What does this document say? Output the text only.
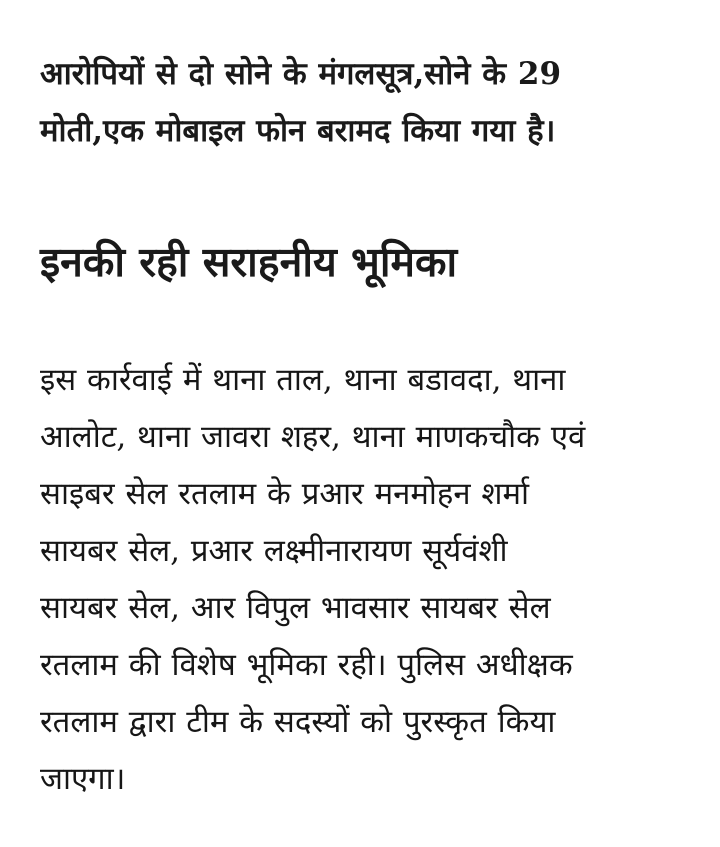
आरोपियों से दो सोने के मंगलसूत्र,सोने के 29
मोती,एक मोबाइल फोन बरामद किया गया है।

इनकी रही सराहनीय भूमिका

इस कार्रवाई में थाना ताल, थाना बडावदा, थाना
आलोट, थाना जावरा शहर, थाना माणकचौक एवं
साइबर सेल रतलाम के प्रआर मनमोहन शर्मा
सायबर सेल, प्रआर लक्ष्मीनारायण सूर्यवंशी
सायबर सेल, आर विपुल भावसार सायबर सेल
रतलाम की विशेष भूमिका रही। पुलिस अधीक्षक
रतलाम द्वारा टीम के सदस्यों को पुरस्कृत किया
जाएगा।
